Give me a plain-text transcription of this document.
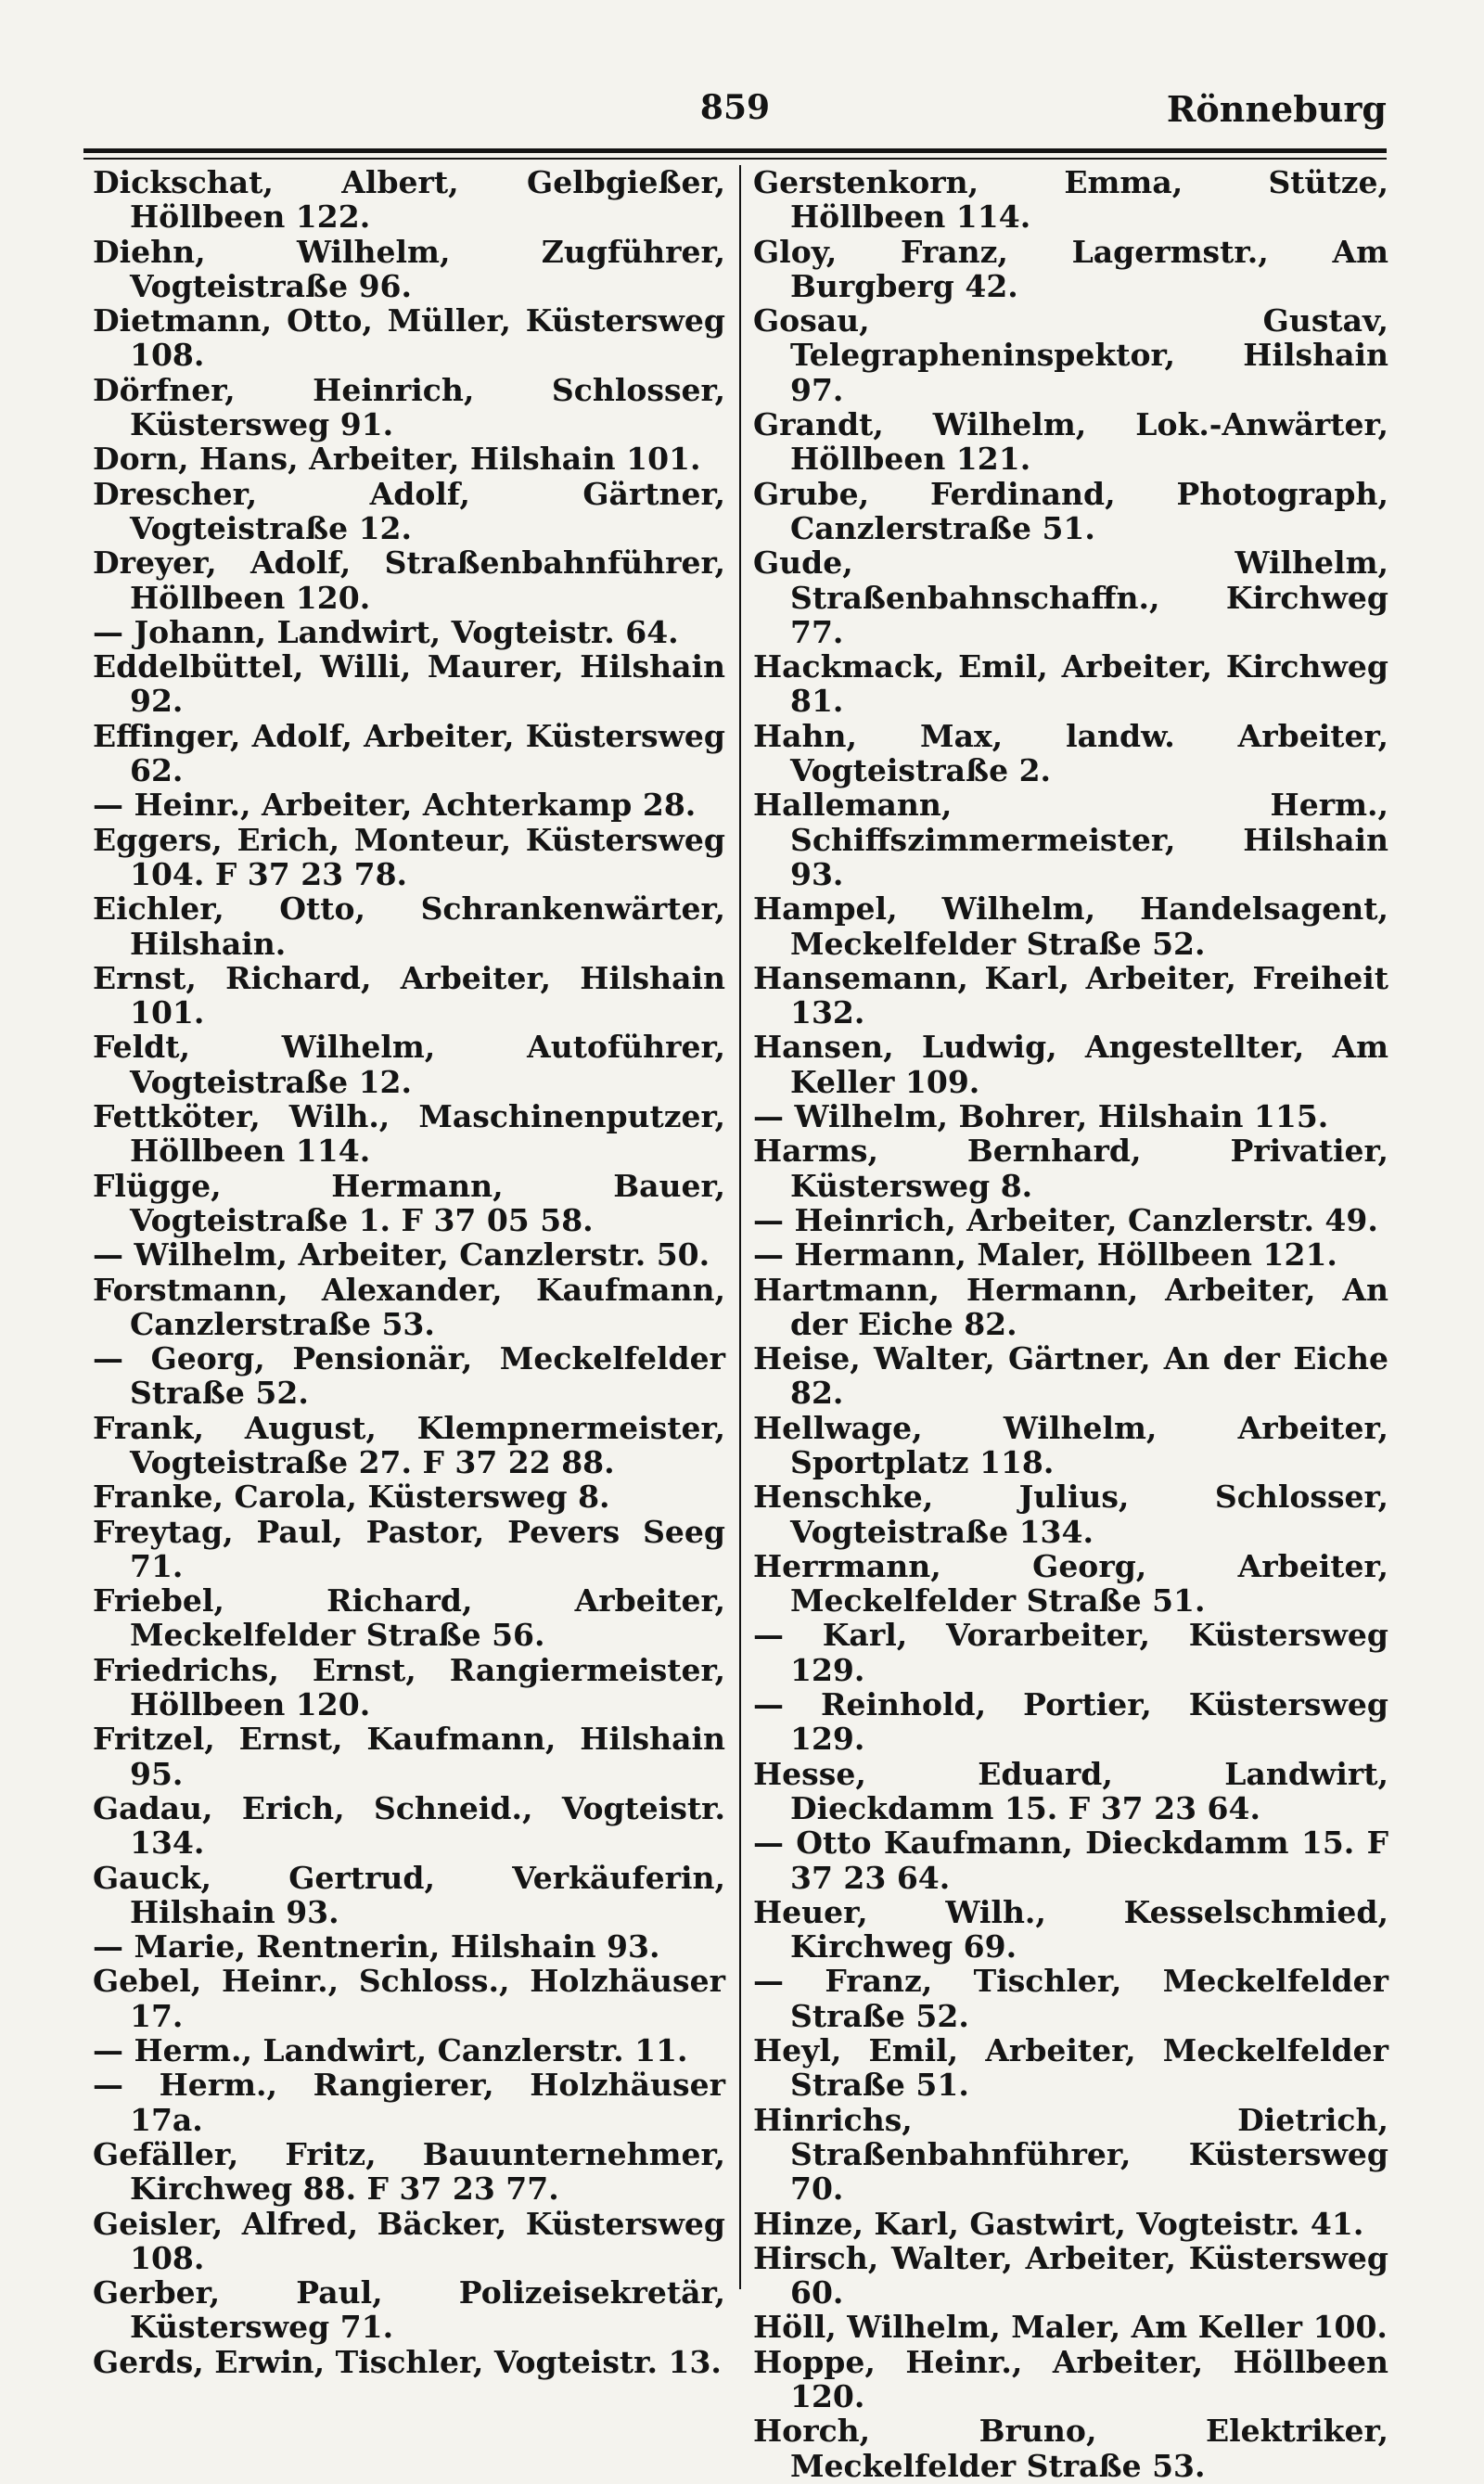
859	Rönneburg

Dickschat, Albert, Gelbgießer, Höllbeen 122.

Diehn, Wilhelm, Zugführer, Vogteistraße 96.

Dietmann, Otto, Müller, Küstersweg 108.

Dörfner, Heinrich, Schlosser, Küstersweg 91.

Dorn, Hans, Arbeiter, Hilshain 101.

Drescher, Adolf, Gärtner, Vogteistraße 12.

Dreyer, Adolf, Straßenbahnführer, Höllbeen 120.

— Johann, Landwirt, Vogteistr. 64.

Eddelbüttel, Willi, Maurer, Hilshain 92.

Effinger, Adolf, Arbeiter, Küstersweg 62.

— Heinr., Arbeiter, Achterkamp 28.

Eggers, Erich, Monteur, Küstersweg 104. F 37 23 78.

Eichler, Otto, Schrankenwärter, Hilshain.

Ernst, Richard, Arbeiter, Hilshain 101.

Feldt, Wilhelm, Autoführer, Vogteistraße 12.

Fettköter, Wilh., Maschinenputzer, Höllbeen 114.

Flügge, Hermann, Bauer, Vogteistraße 1. F 37 05 58.

— Wilhelm, Arbeiter, Canzlerstr. 50.

Forstmann, Alexander, Kaufmann, Canzlerstraße 53.

— Georg, Pensionär, Meckelfelder Straße 52.

Frank, August, Klempnermeister, Vogteistraße 27. F 37 22 88.

Franke, Carola, Küstersweg 8.

Freytag, Paul, Pastor, Pevers Seeg 71.

Friebel, Richard, Arbeiter, Meckelfelder Straße 56.

Friedrichs, Ernst, Rangiermeister, Höllbeen 120.

Fritzel, Ernst, Kaufmann, Hilshain 95.

Gadau, Erich, Schneid., Vogteistr. 134.

Gauck, Gertrud, Verkäuferin, Hilshain 93.

— Marie, Rentnerin, Hilshain 93.

Gebel, Heinr., Schloss., Holzhäuser 17.

— Herm., Landwirt, Canzlerstr. 11.

— Herm., Rangierer, Holzhäuser 17a.

Gefäller, Fritz, Bauunternehmer, Kirchweg 88. F 37 23 77.

Geisler, Alfred, Bäcker, Küstersweg 108.

Gerber, Paul, Polizeisekretär, Küstersweg 71.

Gerds, Erwin, Tischler, Vogteistr. 13.

Gerstenkorn, Emma, Stütze, Höllbeen 114.

Gloy, Franz, Lagermstr., Am Burgberg 42.

Gosau, Gustav, Telegrapheninspektor, Hilshain 97.

Grandt, Wilhelm, Lok.-Anwärter, Höllbeen 121.

Grube, Ferdinand, Photograph, Canzlerstraße 51.

Gude, Wilhelm, Straßenbahnschaffn., Kirchweg 77.

Hackmack, Emil, Arbeiter, Kirchweg 81.

Hahn, Max, landw. Arbeiter, Vogteistraße 2.

Hallemann, Herm., Schiffszimmermeister, Hilshain 93.

Hampel, Wilhelm, Handelsagent, Meckelfelder Straße 52.

Hansemann, Karl, Arbeiter, Freiheit 132.

Hansen, Ludwig, Angestellter, Am Keller 109.

— Wilhelm, Bohrer, Hilshain 115.

Harms, Bernhard, Privatier, Küstersweg 8.

— Heinrich, Arbeiter, Canzlerstr. 49.

— Hermann, Maler, Höllbeen 121.

Hartmann, Hermann, Arbeiter, An der Eiche 82.

Heise, Walter, Gärtner, An der Eiche 82.

Hellwage, Wilhelm, Arbeiter, Sportplatz 118.

Henschke, Julius, Schlosser, Vogteistraße 134.

Herrmann, Georg, Arbeiter, Meckelfelder Straße 51.

— Karl, Vorarbeiter, Küstersweg 129.

— Reinhold, Portier, Küstersweg 129.

Hesse, Eduard, Landwirt, Dieckdamm 15. F 37 23 64.

— Otto Kaufmann, Dieckdamm 15. F 37 23 64.

Heuer, Wilh., Kesselschmied, Kirchweg 69.

— Franz, Tischler, Meckelfelder Straße 52.

Heyl, Emil, Arbeiter, Meckelfelder Straße 51.

Hinrichs, Dietrich, Straßenbahnführer, Küstersweg 70.

Hinze, Karl, Gastwirt, Vogteistr. 41.

Hirsch, Walter, Arbeiter, Küstersweg 60.

Höll, Wilhelm, Maler, Am Keller 100.

Hoppe, Heinr., Arbeiter, Höllbeen 120.

Horch, Bruno, Elektriker, Meckelfelder Straße 53.
